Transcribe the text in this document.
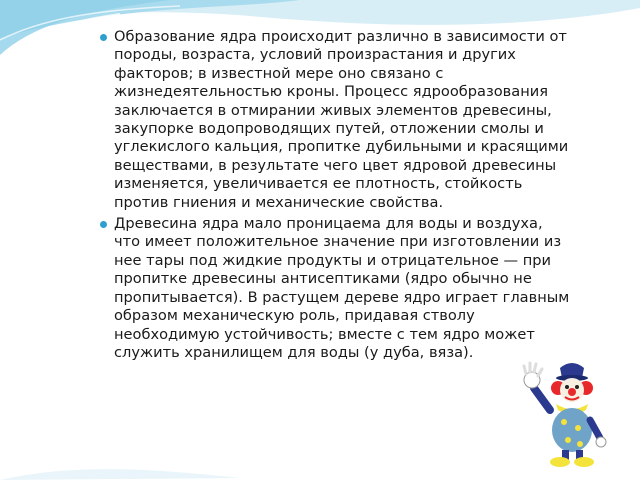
Образование ядра происходит различно в зависимости от породы, возраста, условий произрастания и других факторов; в известной мере оно связано с жизнедеятельностью кроны. Процесс ядрообразования заключается в отмирании живых элементов древесины, закупорке водопроводящих путей, отложении смолы и углекислого кальция, пропитке дубильными и красящими веществами, в результате чего цвет ядровой древесины изменяется, увеличивается ее плотность, стойкость против гниения и механические свойства.
Древесина ядра мало проницаема для воды и воздуха, что имеет положительное значение при изготовлении из нее тары под жидкие продукты и отрицательное — при пропитке древесины антисептиками (ядро обычно не пропитывается). В растущем дереве ядро играет главным образом механическую роль, придавая стволу необходимую устойчивость; вместе с тем ядро может служить хранилищем для воды (у дуба, вяза).
